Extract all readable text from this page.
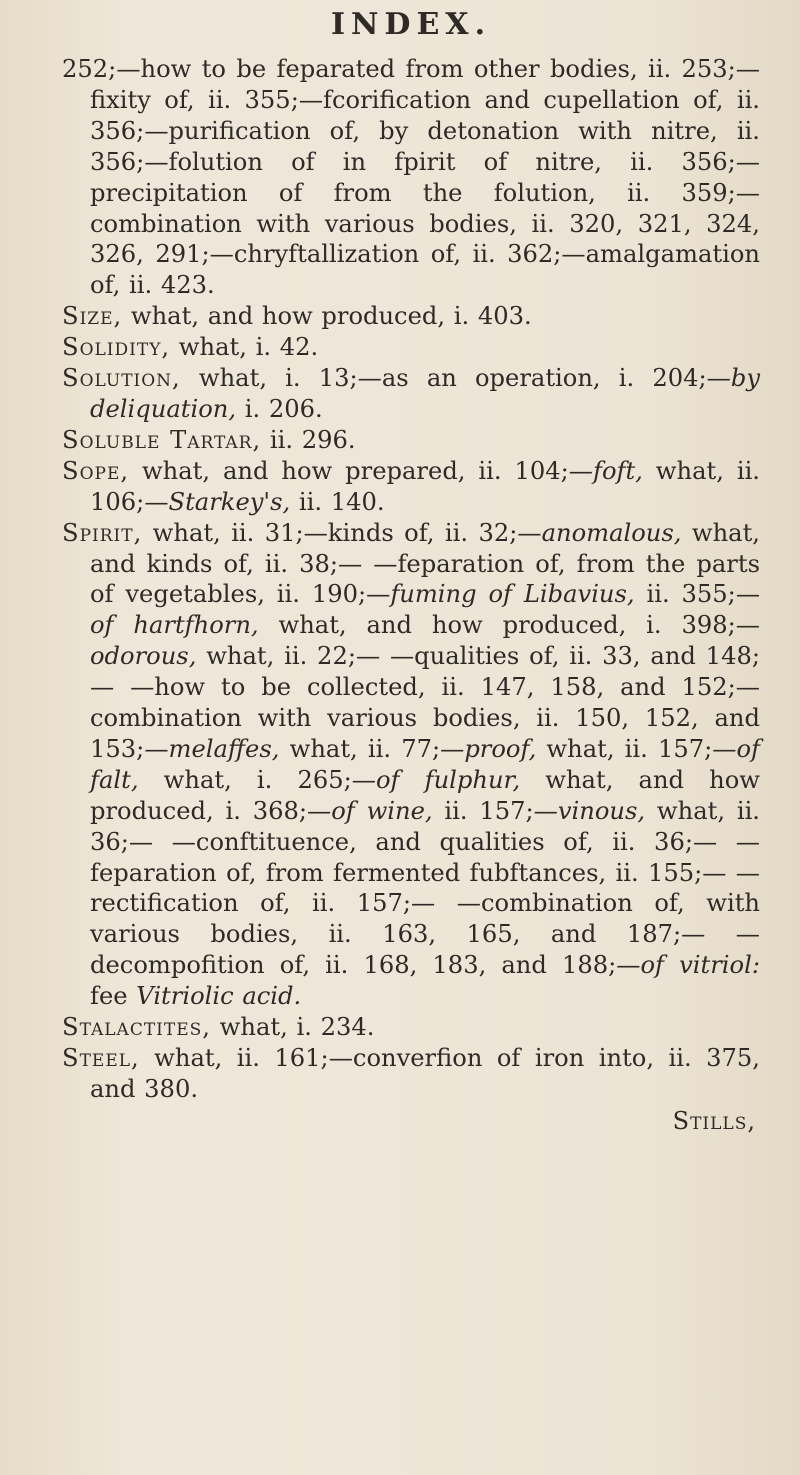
INDEX.

252;—how to be feparated from other bodies, ii. 253;—fixity of, ii. 355;—fcorification and cupellation of, ii. 356;—purification of, by detonation with nitre, ii. 356;—folution of in fpirit of nitre, ii. 356;—precipitation of from the folution, ii. 359;—combination with various bodies, ii. 320, 321, 324, 326, 291;—chryftallization of, ii. 362;—amalgamation of, ii. 423.

Size, what, and how produced, i. 403.

Solidity, what, i. 42.

Solution, what, i. 13;—as an operation, i. 204;—by deliquation, i. 206.

Soluble Tartar, ii. 296.

Sope, what, and how prepared, ii. 104;—foft, what, ii. 106;—Starkey's, ii. 140.

Spirit, what, ii. 31;—kinds of, ii. 32;—anomalous, what, and kinds of, ii. 38;— —feparation of, from the parts of vegetables, ii. 190;—fuming of Libavius, ii. 355;—of hartfhorn, what, and how produced, i. 398;—odorous, what, ii. 22;— —qualities of, ii. 33, and 148;— —how to be collected, ii. 147, 158, and 152;—combination with various bodies, ii. 150, 152, and 153;—melaffes, what, ii. 77;—proof, what, ii. 157;—of falt, what, i. 265;—of fulphur, what, and how produced, i. 368;—of wine, ii. 157;—vinous, what, ii. 36;— —conftituence, and qualities of, ii. 36;— —feparation of, from fermented fubftances, ii. 155;— —rectification of, ii. 157;— —combination of, with various bodies, ii. 163, 165, and 187;— —decompofition of, ii. 168, 183, and 188;—of vitriol: fee Vitriolic acid.

Stalactites, what, i. 234.

Steel, what, ii. 161;—converfion of iron into, ii. 375, and 380.

Stills,
